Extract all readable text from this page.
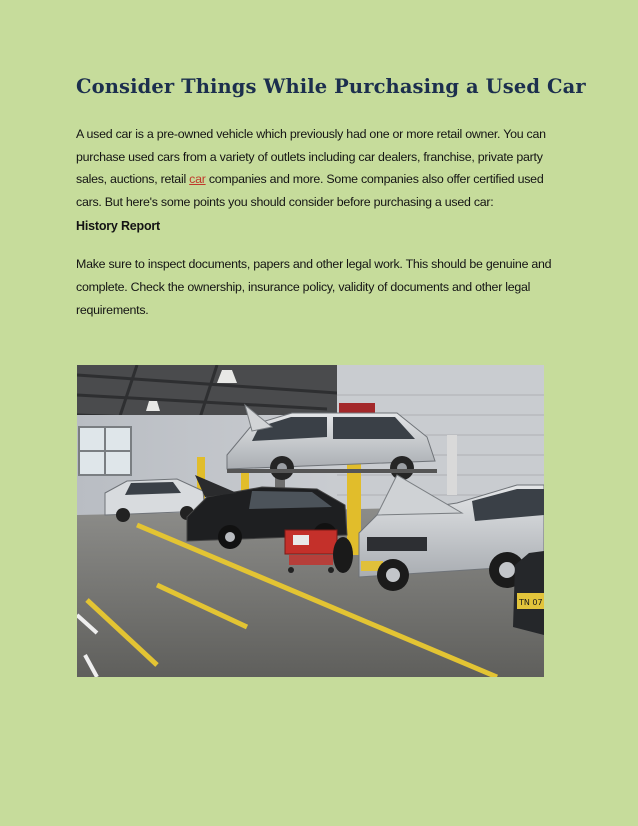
Consider Things While Purchasing a Used Car

A used car is a pre-owned vehicle which previously had one or more retail owner. You can purchase used cars from a variety of outlets including car dealers, franchise, private party sales, auctions, retail car companies and more. Some companies also offer certified used cars. But here's some points you should consider before purchasing a used car:

History Report

Make sure to inspect documents, papers and other legal work. This should be genuine and complete. Check the ownership, insurance policy, validity of documents and other legal requirements.

TN 07
